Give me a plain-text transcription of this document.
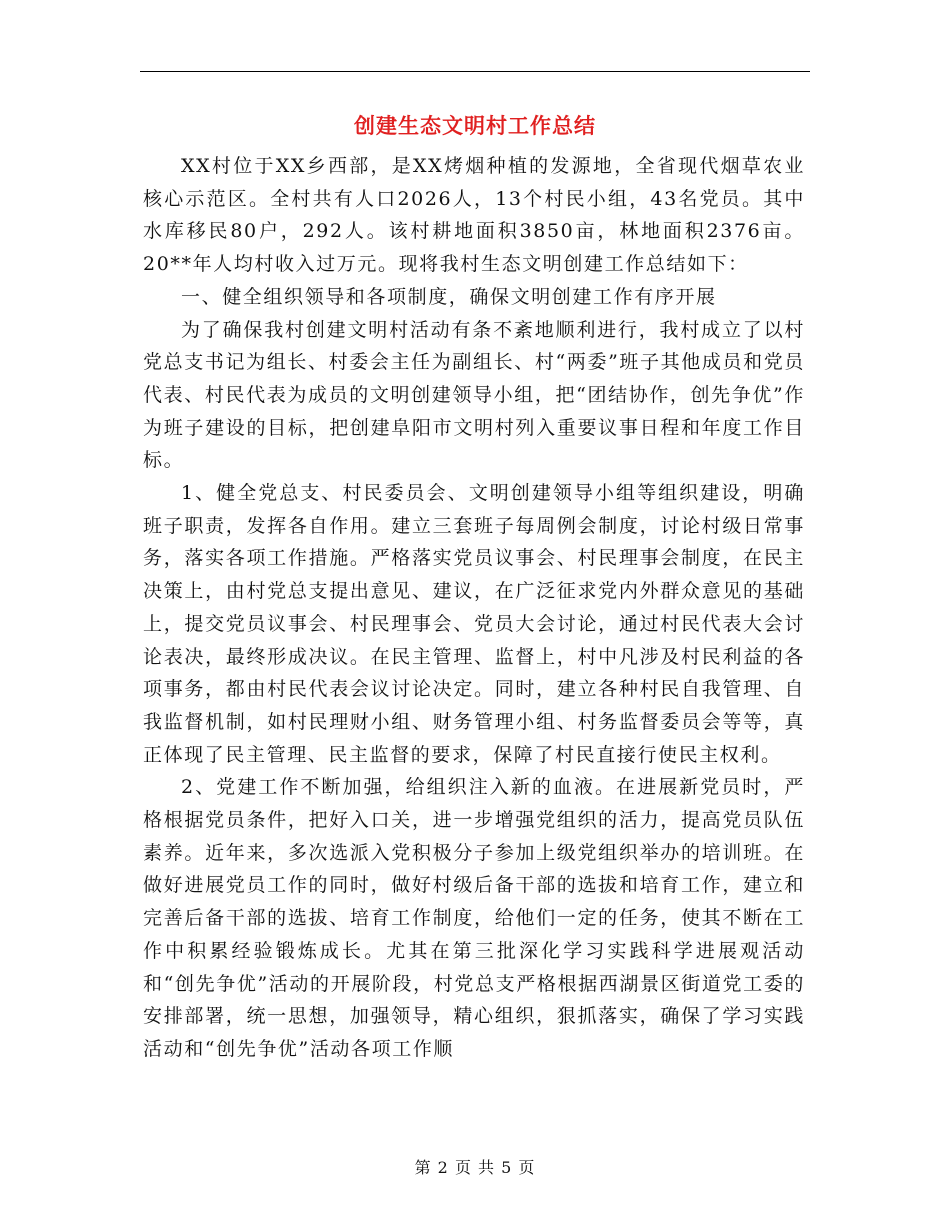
创建生态文明村工作总结

XX村位于XX乡西部，是XX烤烟种植的发源地，全省现代烟草农业核心示范区。全村共有人口2026人，13个村民小组，43名党员。其中水库移民80户，292人。该村耕地面积3850亩，林地面积2376亩。20**年人均村收入过万元。现将我村生态文明创建工作总结如下：

一、健全组织领导和各项制度，确保文明创建工作有序开展

为了确保我村创建文明村活动有条不紊地顺利进行，我村成立了以村党总支书记为组长、村委会主任为副组长、村“两委”班子其他成员和党员代表、村民代表为成员的文明创建领导小组，把“团结协作，创先争优”作为班子建设的目标，把创建阜阳市文明村列入重要议事日程和年度工作目标。

1、健全党总支、村民委员会、文明创建领导小组等组织建设，明确班子职责，发挥各自作用。建立三套班子每周例会制度，讨论村级日常事务，落实各项工作措施。严格落实党员议事会、村民理事会制度，在民主决策上，由村党总支提出意见、建议，在广泛征求党内外群众意见的基础上，提交党员议事会、村民理事会、党员大会讨论，通过村民代表大会讨论表决，最终形成决议。在民主管理、监督上，村中凡涉及村民利益的各项事务，都由村民代表会议讨论决定。同时，建立各种村民自我管理、自我监督机制，如村民理财小组、财务管理小组、村务监督委员会等等，真正体现了民主管理、民主监督的要求，保障了村民直接行使民主权利。

2、党建工作不断加强，给组织注入新的血液。在进展新党员时，严格根据党员条件，把好入口关，进一步增强党组织的活力，提高党员队伍素养。近年来，多次选派入党积极分子参加上级党组织举办的培训班。在做好进展党员工作的同时，做好村级后备干部的选拔和培育工作，建立和完善后备干部的选拔、培育工作制度，给他们一定的任务，使其不断在工作中积累经验锻炼成长。尤其在第三批深化学习实践科学进展观活动和“创先争优”活动的开展阶段，村党总支严格根据西湖景区街道党工委的安排部署，统一思想，加强领导，精心组织，狠抓落实，确保了学习实践活动和“创先争优”活动各项工作顺

第 2 页 共 5 页
